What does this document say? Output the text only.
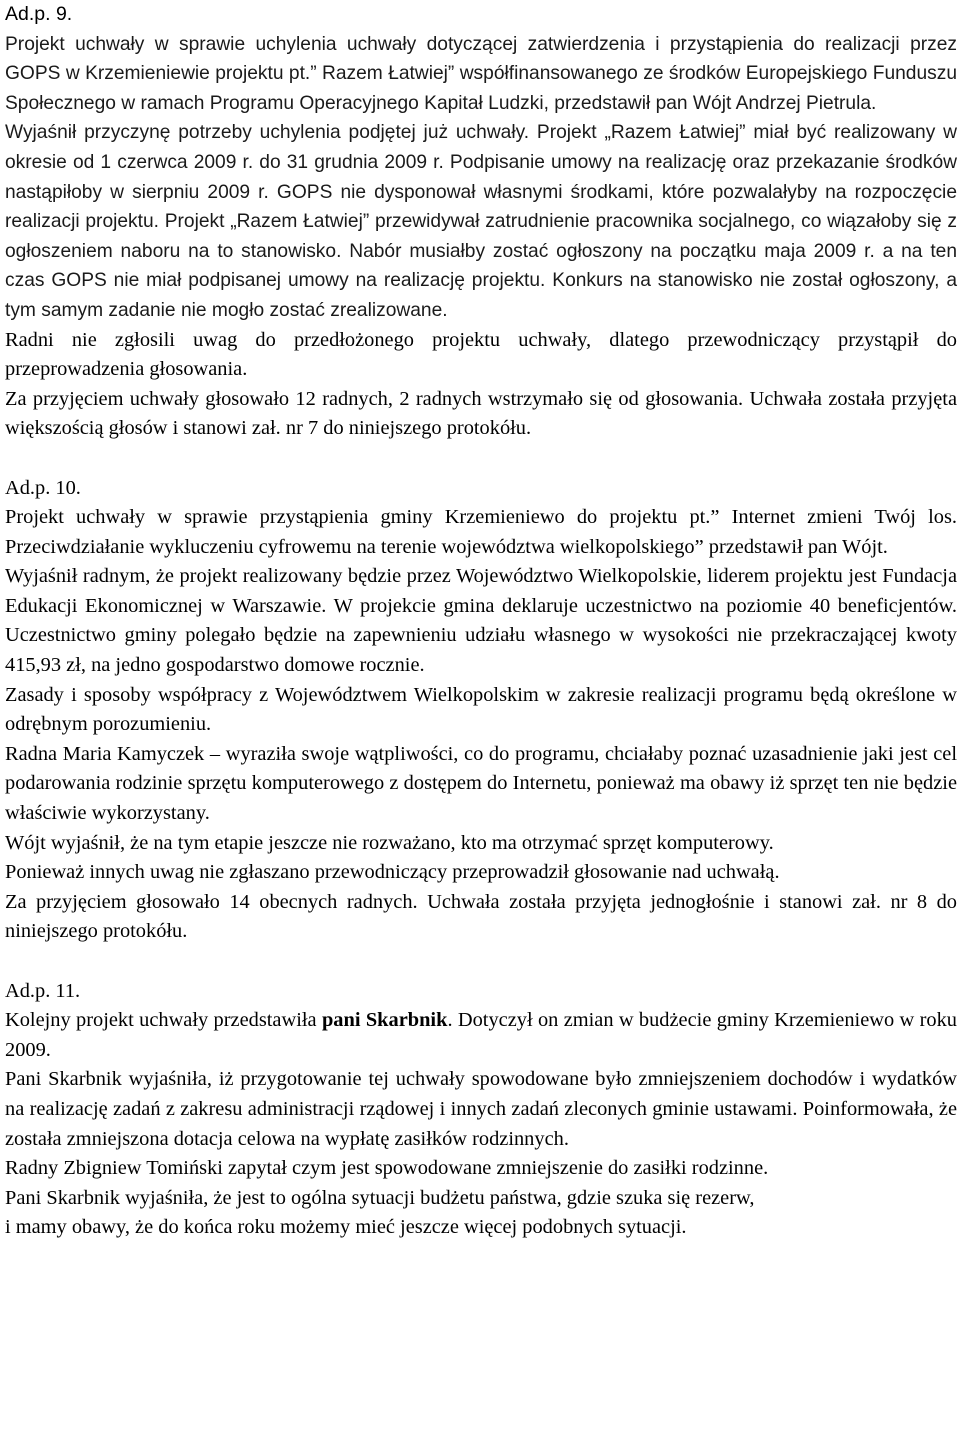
Ad.p. 9.

Projekt uchwały w sprawie uchylenia uchwały dotyczącej zatwierdzenia i przystąpienia do realizacji przez GOPS w Krzemieniewie projektu pt.” Razem Łatwiej” współfinansowanego ze środków Europejskiego Funduszu Społecznego w ramach Programu Operacyjnego Kapitał Ludzki, przedstawił pan Wójt Andrzej Pietrula.

Wyjaśnił przyczynę potrzeby uchylenia podjętej już uchwały. Projekt „Razem Łatwiej” miał być realizowany w okresie od 1 czerwca 2009 r. do 31 grudnia 2009 r. Podpisanie umowy na realizację oraz przekazanie środków nastąpiłoby w sierpniu 2009 r. GOPS nie dysponował własnymi środkami, które pozwalałyby na rozpoczęcie realizacji projektu. Projekt „Razem Łatwiej” przewidywał zatrudnienie pracownika socjalnego, co wiązałoby się z ogłoszeniem naboru na to stanowisko. Nabór musiałby zostać ogłoszony na początku maja 2009 r. a na ten czas GOPS nie miał podpisanej umowy na realizację projektu. Konkurs na stanowisko nie został ogłoszony, a tym samym zadanie nie mogło zostać zrealizowane.

Radni nie zgłosili uwag do przedłożonego projektu uchwały, dlatego przewodniczący przystąpił do przeprowadzenia głosowania.

Za przyjęciem uchwały głosowało 12 radnych, 2 radnych wstrzymało się od głosowania. Uchwała została przyjęta większością głosów i stanowi zał. nr 7 do niniejszego protokółu.

Ad.p. 10.

Projekt uchwały w sprawie przystąpienia gminy Krzemieniewo do projektu pt.” Internet zmieni Twój los. Przeciwdziałanie wykluczeniu cyfrowemu na terenie województwa wielkopolskiego” przedstawił pan Wójt.

Wyjaśnił radnym, że projekt realizowany będzie przez Województwo Wielkopolskie, liderem projektu jest Fundacja Edukacji Ekonomicznej w Warszawie. W projekcie gmina deklaruje uczestnictwo na poziomie 40 beneficjentów. Uczestnictwo gminy polegało będzie na zapewnieniu udziału własnego w wysokości nie przekraczającej kwoty 415,93 zł, na jedno gospodarstwo domowe rocznie.

Zasady i sposoby współpracy z Województwem Wielkopolskim w zakresie realizacji programu będą określone w odrębnym porozumieniu.

Radna Maria Kamyczek – wyraziła swoje wątpliwości, co do programu, chciałaby poznać uzasadnienie jaki jest cel podarowania rodzinie sprzętu komputerowego z dostępem do Internetu, ponieważ ma obawy iż sprzęt ten nie będzie właściwie wykorzystany.

Wójt wyjaśnił, że na tym etapie jeszcze nie rozważano, kto ma otrzymać sprzęt komputerowy.

Ponieważ innych uwag nie zgłaszano przewodniczący przeprowadził głosowanie nad uchwałą.

Za przyjęciem głosowało 14 obecnych radnych. Uchwała została przyjęta jednogłośnie i stanowi zał. nr 8 do niniejszego protokółu.

Ad.p. 11.

Kolejny projekt uchwały przedstawiła pani Skarbnik. Dotyczył on zmian w budżecie gminy Krzemieniewo w roku 2009.

Pani Skarbnik wyjaśniła, iż przygotowanie tej uchwały spowodowane było zmniejszeniem dochodów i wydatków na realizację zadań z zakresu administracji rządowej i innych zadań zleconych gminie ustawami. Poinformowała, że została zmniejszona dotacja celowa na wypłatę zasiłków rodzinnych.

Radny Zbigniew Tomiński zapytał czym jest spowodowane zmniejszenie do zasiłki rodzinne.

Pani Skarbnik wyjaśniła, że jest to ogólna sytuacji budżetu państwa, gdzie szuka się rezerw,

i mamy obawy, że do końca roku możemy mieć jeszcze więcej podobnych sytuacji.
